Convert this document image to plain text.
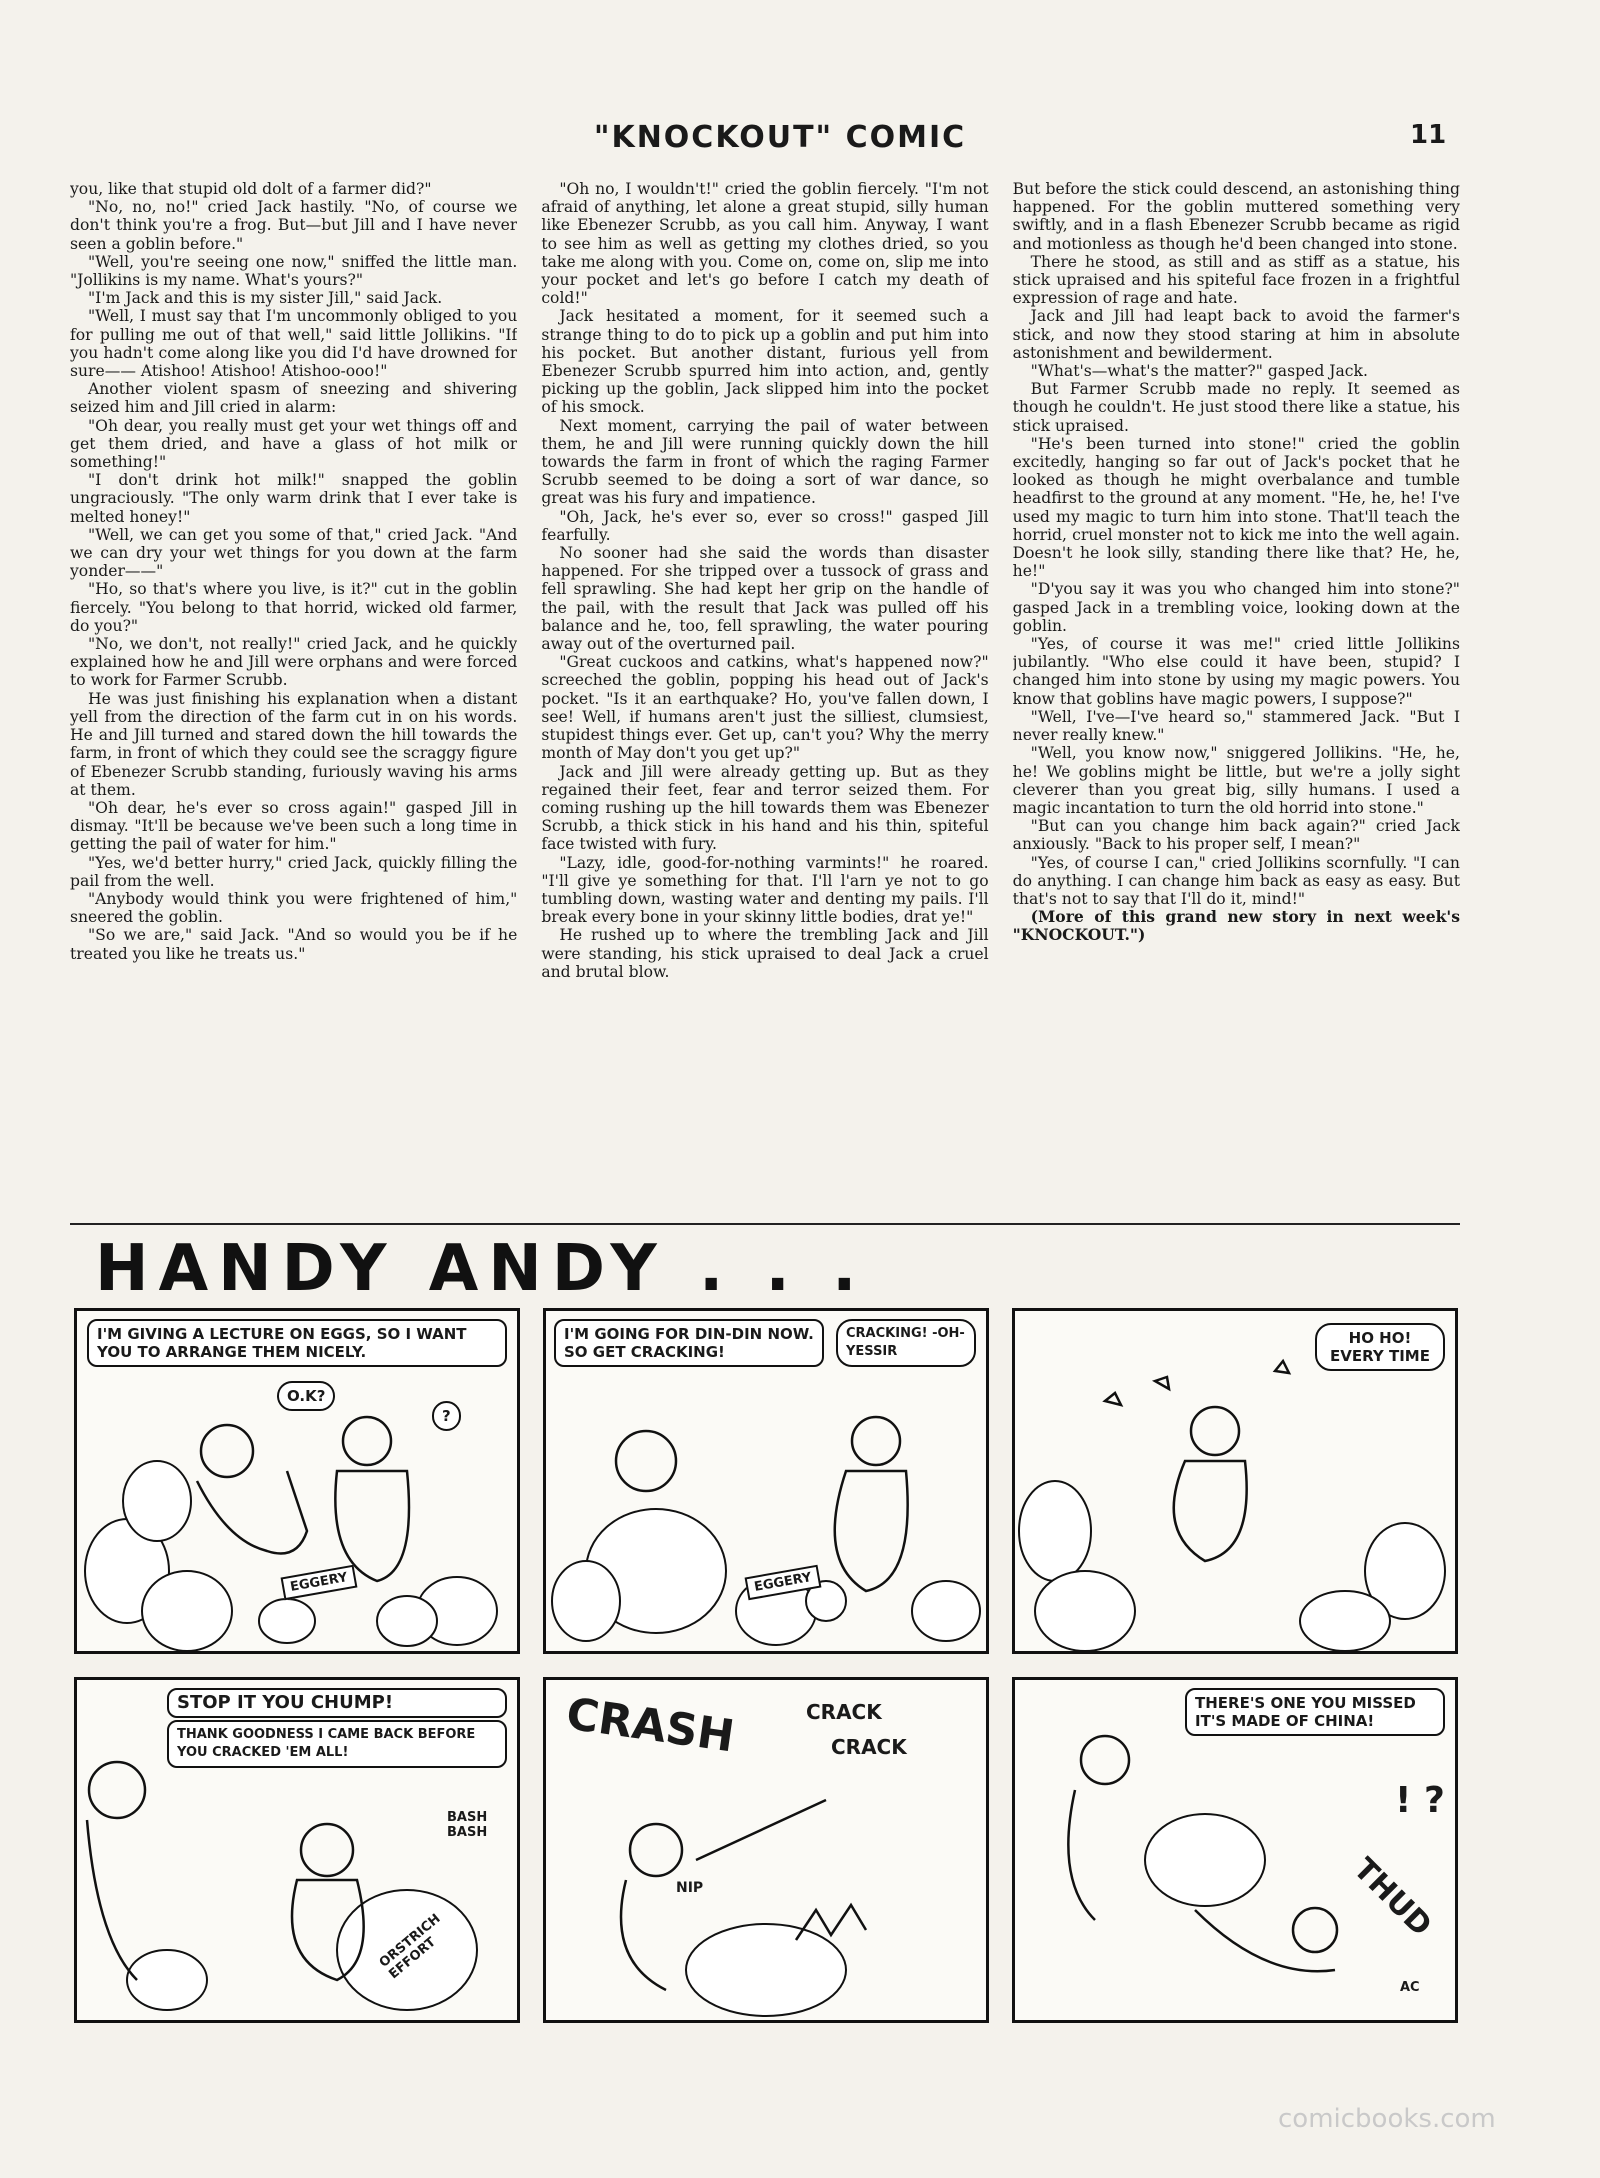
"KNOCKOUT" COMIC	11

you, like that stupid old dolt of a farmer did?"

"No, no, no!" cried Jack hastily. "No, of course we don't think you're a frog. But—but Jill and I have never seen a goblin before."

"Well, you're seeing one now," sniffed the little man. "Jollikins is my name. What's yours?"

"I'm Jack and this is my sister Jill," said Jack.

"Well, I must say that I'm uncommonly obliged to you for pulling me out of that well," said little Jollikins. "If you hadn't come along like you did I'd have drowned for sure—— Atishoo! Atishoo! Atishoo-ooo!"

Another violent spasm of sneezing and shivering seized him and Jill cried in alarm:

"Oh dear, you really must get your wet things off and get them dried, and have a glass of hot milk or something!"

"I don't drink hot milk!" snapped the goblin ungraciously. "The only warm drink that I ever take is melted honey!"

"Well, we can get you some of that," cried Jack. "And we can dry your wet things for you down at the farm yonder——"

"Ho, so that's where you live, is it?" cut in the goblin fiercely. "You belong to that horrid, wicked old farmer, do you?"

"No, we don't, not really!" cried Jack, and he quickly explained how he and Jill were orphans and were forced to work for Farmer Scrubb.

He was just finishing his explanation when a distant yell from the direction of the farm cut in on his words. He and Jill turned and stared down the hill towards the farm, in front of which they could see the scraggy figure of Ebenezer Scrubb standing, furiously waving his arms at them.

"Oh dear, he's ever so cross again!" gasped Jill in dismay. "It'll be because we've been such a long time in getting the pail of water for him."

"Yes, we'd better hurry," cried Jack, quickly filling the pail from the well.

"Anybody would think you were frightened of him," sneered the goblin.

"So we are," said Jack. "And so would you be if he treated you like he treats us."

"Oh no, I wouldn't!" cried the goblin fiercely. "I'm not afraid of anything, let alone a great stupid, silly human like Ebenezer Scrubb, as you call him. Anyway, I want to see him as well as getting my clothes dried, so you take me along with you. Come on, come on, slip me into your pocket and let's go before I catch my death of cold!"

Jack hesitated a moment, for it seemed such a strange thing to do to pick up a goblin and put him into his pocket. But another distant, furious yell from Ebenezer Scrubb spurred him into action, and, gently picking up the goblin, Jack slipped him into the pocket of his smock.

Next moment, carrying the pail of water between them, he and Jill were running quickly down the hill towards the farm in front of which the raging Farmer Scrubb seemed to be doing a sort of war dance, so great was his fury and impatience.

"Oh, Jack, he's ever so, ever so cross!" gasped Jill fearfully.

No sooner had she said the words than disaster happened. For she tripped over a tussock of grass and fell sprawling. She had kept her grip on the handle of the pail, with the result that Jack was pulled off his balance and he, too, fell sprawling, the water pouring away out of the overturned pail.

"Great cuckoos and catkins, what's happened now?" screeched the goblin, popping his head out of Jack's pocket. "Is it an earthquake? Ho, you've fallen down, I see! Well, if humans aren't just the silliest, clumsiest, stupidest things ever. Get up, can't you? Why the merry month of May don't you get up?"

Jack and Jill were already getting up. But as they regained their feet, fear and terror seized them. For coming rushing up the hill towards them was Ebenezer Scrubb, a thick stick in his hand and his thin, spiteful face twisted with fury.

"Lazy, idle, good-for-nothing varmints!" he roared. "I'll give ye something for that. I'll l'arn ye not to go tumbling down, wasting water and denting my pails. I'll break every bone in your skinny little bodies, drat ye!"

He rushed up to where the trembling Jack and Jill were standing, his stick upraised to deal Jack a cruel and brutal blow.

But before the stick could descend, an astonishing thing happened. For the goblin muttered something very swiftly, and in a flash Ebenezer Scrubb became as rigid and motionless as though he'd been changed into stone.

There he stood, as still and as stiff as a statue, his stick upraised and his spiteful face frozen in a frightful expression of rage and hate.

Jack and Jill had leapt back to avoid the farmer's stick, and now they stood staring at him in absolute astonishment and bewilderment.

"What's—what's the matter?" gasped Jack.

But Farmer Scrubb made no reply. It seemed as though he couldn't. He just stood there like a statue, his stick upraised.

"He's been turned into stone!" cried the goblin excitedly, hanging so far out of Jack's pocket that he looked as though he might overbalance and tumble headfirst to the ground at any moment. "He, he, he! I've used my magic to turn him into stone. That'll teach the horrid, cruel monster not to kick me into the well again. Doesn't he look silly, standing there like that? He, he, he!"

"D'you say it was you who changed him into stone?" gasped Jack in a trembling voice, looking down at the goblin.

"Yes, of course it was me!" cried little Jollikins jubilantly. "Who else could it have been, stupid? I changed him into stone by using my magic powers. You know that goblins have magic powers, I suppose?"

"Well, I've—I've heard so," stammered Jack. "But I never really knew."

"Well, you know now," sniggered Jollikins. "He, he, he! We goblins might be little, but we're a jolly sight cleverer than you great big, silly humans. I used a magic incantation to turn the old horrid into stone."

"But can you change him back again?" cried Jack anxiously. "Back to his proper self, I mean?"

"Yes, of course I can," cried Jollikins scornfully. "I can do anything. I can change him back as easy as easy. But that's not to say that I'll do it, mind!"

(More of this grand new story in next week's "KNOCKOUT.")

HANDY ANDY . . .
I'M GIVING A LECTURE ON EGGS, SO I WANT YOU TO ARRANGE THEM NICELY.
O.K?
?
EGGERY
I'M GOING FOR DIN-DIN NOW. SO GET CRACKING!
CRACKING! -OH-YESSIR
EGGERY
HO HO! EVERY TIME
STOP IT YOU CHUMP!
THANK GOODNESS I CAME BACK BEFORE YOU CRACKED 'EM ALL!
BASH BASH
ORSTRICH EFFORT
CRASH	CRACK
CRACK
NIP
THERE'S ONE YOU MISSED IT'S MADE OF CHINA!
THUD
! ?
AC
comicbooks.com
